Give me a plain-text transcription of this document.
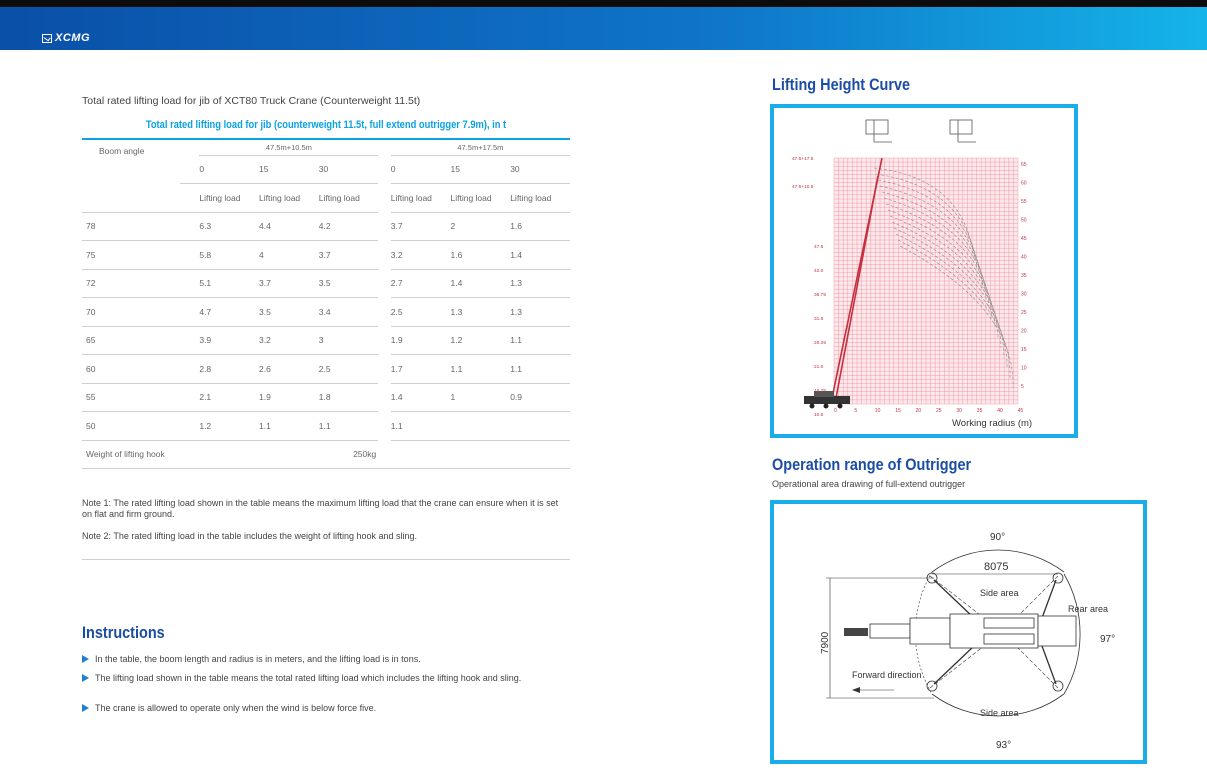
XCMG
Total rated lifting load for jib of XCT80 Truck Crane (Counterweight 11.5t)
Total rated lifting load for jib (counterweight 11.5t, full extend outrigger 7.9m), in t
Boom angle		47.5m+10.5m				47.5m+17.5m		
		0	15	30		0	15	30
		Lifting load	Lifting load	Lifting load		Lifting load	Lifting load	Lifting load
78		6.3	4.4	4.2		3.7	2	1.6
75		5.8	4	3.7		3.2	1.6	1.4
72		5.1	3.7	3.5		2.7	1.4	1.3
70		4.7	3.5	3.4		2.5	1.3	1.3
65		3.9	3.2	3		1.9	1.2	1.1
60		2.8	2.6	2.5		1.7	1.1	1.1
55		2.1	1.9	1.8		1.4	1	0.9
50		1.2	1.1	1.1		1.1		
Weight of lifting hook		250kg						
Note 1: The rated lifting load shown in the table means the maximum lifting load that the crane can ensure when it is set on flat and firm ground.
Note 2: The rated lifting load in the table includes the weight of lifting hook and sling.
Instructions
In the table, the boom length and radius is in meters, and the lifting load is in tons.
The lifting load shown in the table means the total rated lifting load which includes the lifting hook and sling.
The crane is allowed to operate only when the wind is below force five.
Lifting Height Curve
0	5	10	15	20	25	30	35	40	45
5
10
15
20
25
30
35
40
45
50
55
60
65
47.5+17.5
47.5+10.5
47.5
42.0
36.75
31.5
26.25
21.0
15.75
10.5
Working radius (m)
Operation range of Outrigger
Operational area drawing of full-extend outrigger
90°
8075
Side area
Rear area
97°
7900
Forward direction
Side area
93°
